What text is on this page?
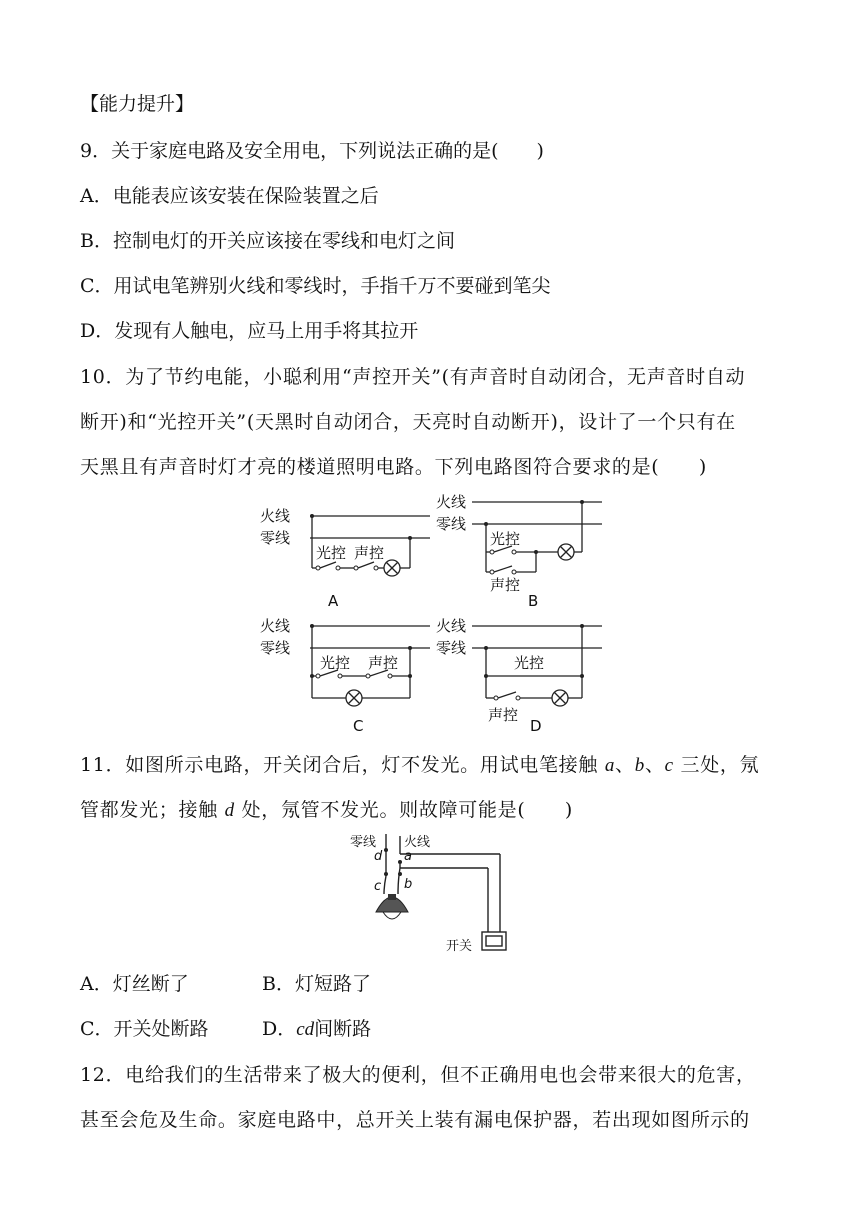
【能力提升】
9．关于家庭电路及安全用电，下列说法正确的是(　　)
A．电能表应该安装在保险装置之后
B．控制电灯的开关应该接在零线和电灯之间
C．用试电笔辨别火线和零线时，手指千万不要碰到笔尖
D．发现有人触电，应马上用手将其拉开
10．为了节约电能，小聪利用“声控开关”(有声音时自动闭合，无声音时自动
断开)和“光控开关”(天黑时自动闭合，天亮时自动断开)，设计了一个只有在
天黑且有声音时灯才亮的楼道照明电路。下列电路图符合要求的是(　　)
火线
零线
光控 声控
A
火线
零线
光控
声控
B
火线
零线
光控 声控
C
火线
零线
光控
声控
D
11．如图所示电路，开关闭合后，灯不发光。用试电笔接触 a、b、c 三处，氖
管都发光；接触 d 处，氖管不发光。则故障可能是(　　)
零线 火线
d a
c b
开关
A．灯丝断了	B．灯短路了
C．开关处断路	D．cd间断路
12．电给我们的生活带来了极大的便利，但不正确用电也会带来很大的危害，
甚至会危及生命。家庭电路中，总开关上装有漏电保护器，若出现如图所示的
